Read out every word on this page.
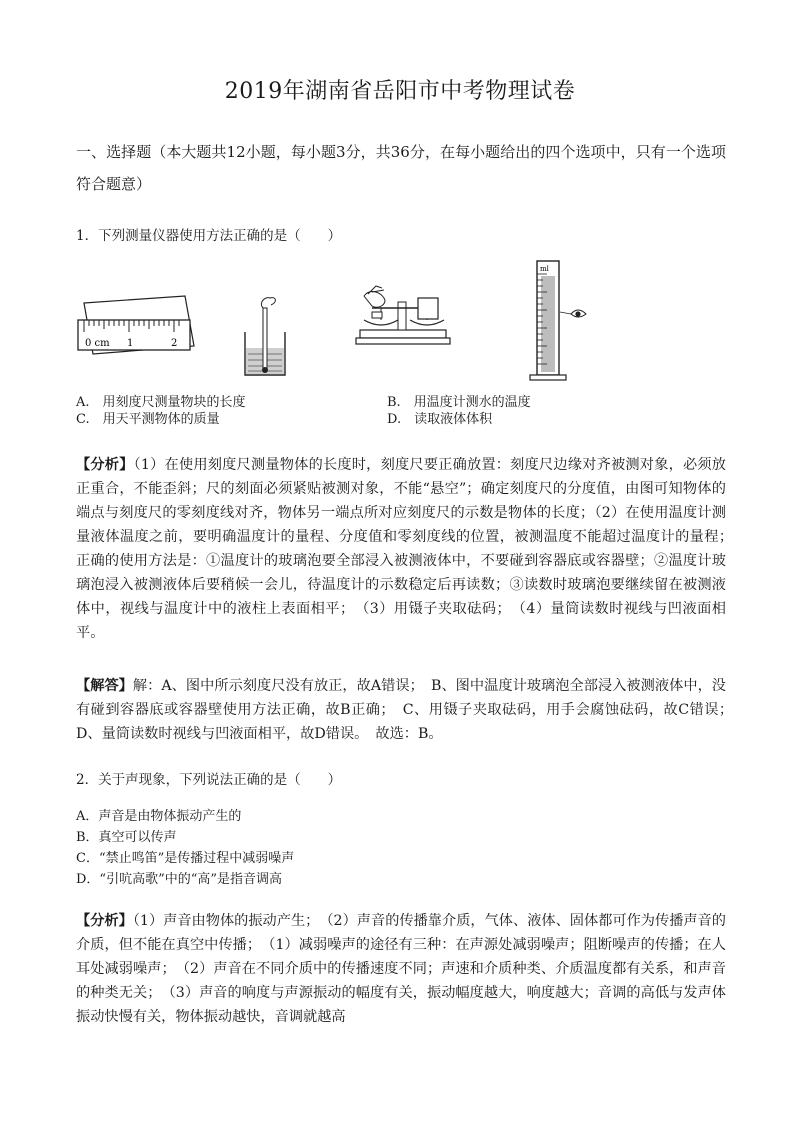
2019年湖南省岳阳市中考物理试卷
一、选择题（本大题共12小题，每小题3分，共36分，在每小题给出的四个选项中，只有一个选项符合题意）
1．下列测量仪器使用方法正确的是（　　）
0 cm 1	2
ml
A.　用刻度尺测量物块的长度	B.　用温度计测水的温度
C.　用天平测物体的质量	D.　读取液体体积
【分析】（1）在使用刻度尺测量物体的长度时，刻度尺要正确放置：刻度尺边缘对齐被测对象，必须放正重合，不能歪斜；尺的刻面必须紧贴被测对象，不能“悬空”；确定刻度尺的分度值，由图可知物体的端点与刻度尺的零刻度线对齐，物体另一端点所对应刻度尺的示数是物体的长度；（2）在使用温度计测量液体温度之前，要明确温度计的量程、分度值和零刻度线的位置，被测温度不能超过温度计的量程；　正确的使用方法是：①温度计的玻璃泡要全部浸入被测液体中，不要碰到容器底或容器壁；②温度计玻璃泡浸入被测液体后要稍候一会儿，待温度计的示数稳定后再读数；③读数时玻璃泡要继续留在被测液体中，视线与温度计中的液柱上表面相平；　（3）用镊子夹取砝码；　（4）量筒读数时视线与凹液面相平。
【解答】解：A、图中所示刻度尺没有放正，故A错误；　B、图中温度计玻璃泡全部浸入被测液体中，没有碰到容器底或容器壁使用方法正确，故B正确；　C、用镊子夹取砝码，用手会腐蚀砝码，故C错误；　D、量筒读数时视线与凹液面相平，故D错误。　故选：B。
2．关于声现象，下列说法正确的是（　　）
A．声音是由物体振动产生的
B．真空可以传声
C．“禁止鸣笛”是传播过程中减弱噪声
D．“引吭高歌”中的“高”是指音调高
【分析】（1）声音由物体的振动产生；　（2）声音的传播靠介质，气体、液体、固体都可作为传播声音的介质，但不能在真空中传播；　（1）减弱噪声的途径有三种：在声源处减弱噪声；阻断噪声的传播；在人耳处减弱噪声；　（2）声音在不同介质中的传播速度不同；声速和介质种类、介质温度都有关系，和声音的种类无关；　（3）声音的响度与声源振动的幅度有关，振动幅度越大，响度越大；音调的高低与发声体振动快慢有关，物体振动越快，音调就越高
